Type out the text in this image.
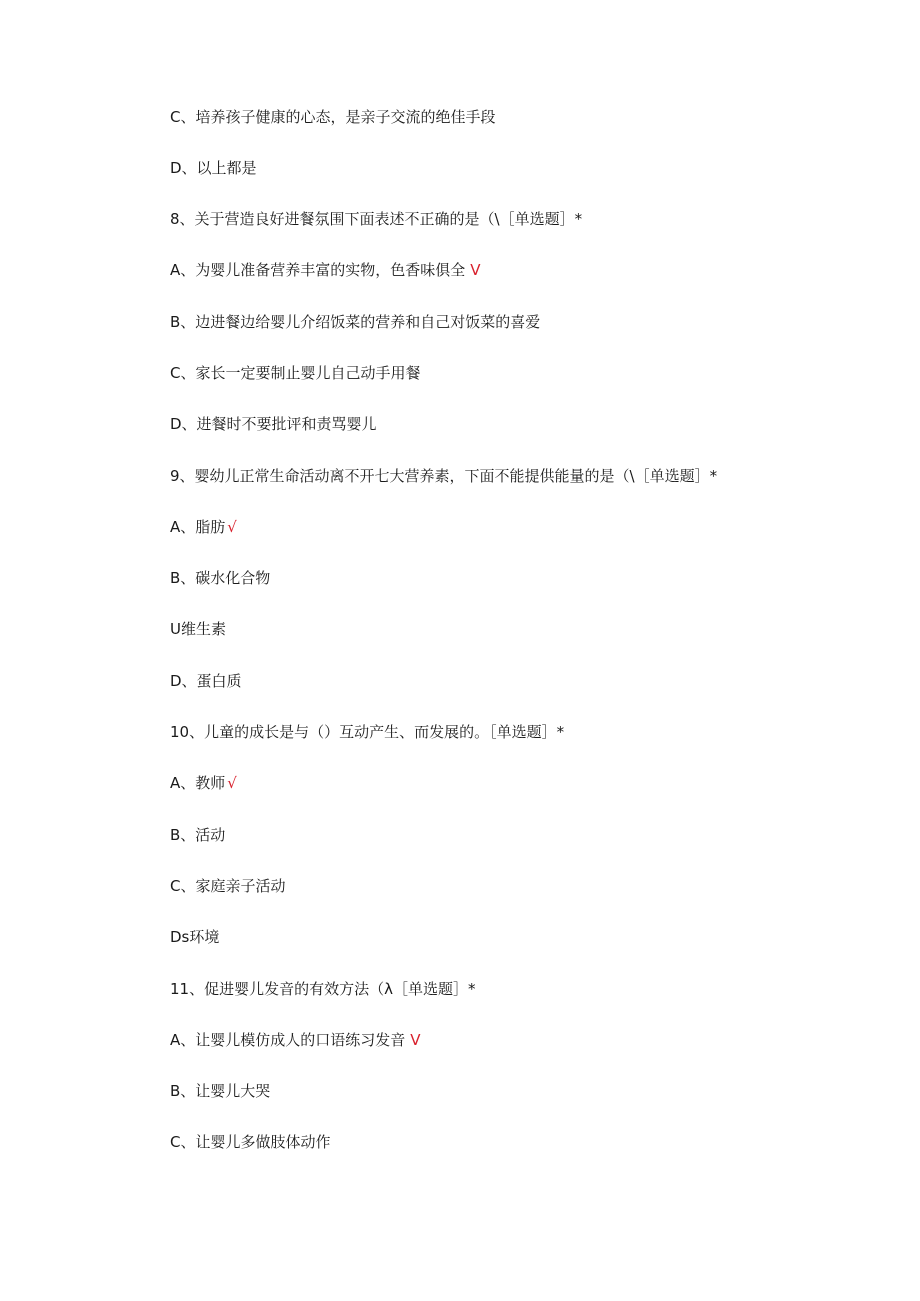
C、培养孩子健康的心态，是亲子交流的绝佳手段
D、以上都是
8、关于营造良好进餐氛围下面表述不正确的是（\［单选题］*
A、为婴儿准备营养丰富的实物，色香味俱全 V
B、边进餐边给婴儿介绍饭菜的营养和自己对饭菜的喜爱
C、家长一定要制止婴儿自己动手用餐
D、进餐时不要批评和责骂婴儿
9、婴幼儿正常生命活动离不开七大营养素，下面不能提供能量的是（\［单选题］*
A、脂肪 √
B、碳水化合物
U维生素
D、蛋白质
10、儿童的成长是与（）互动产生、而发展的。［单选题］*
A、教师 √
B、活动
C、家庭亲子活动
Ds环境
11、促进婴儿发音的有效方法（λ［单选题］*
A、让婴儿模仿成人的口语练习发音 V
B、让婴儿大哭
C、让婴儿多做肢体动作
